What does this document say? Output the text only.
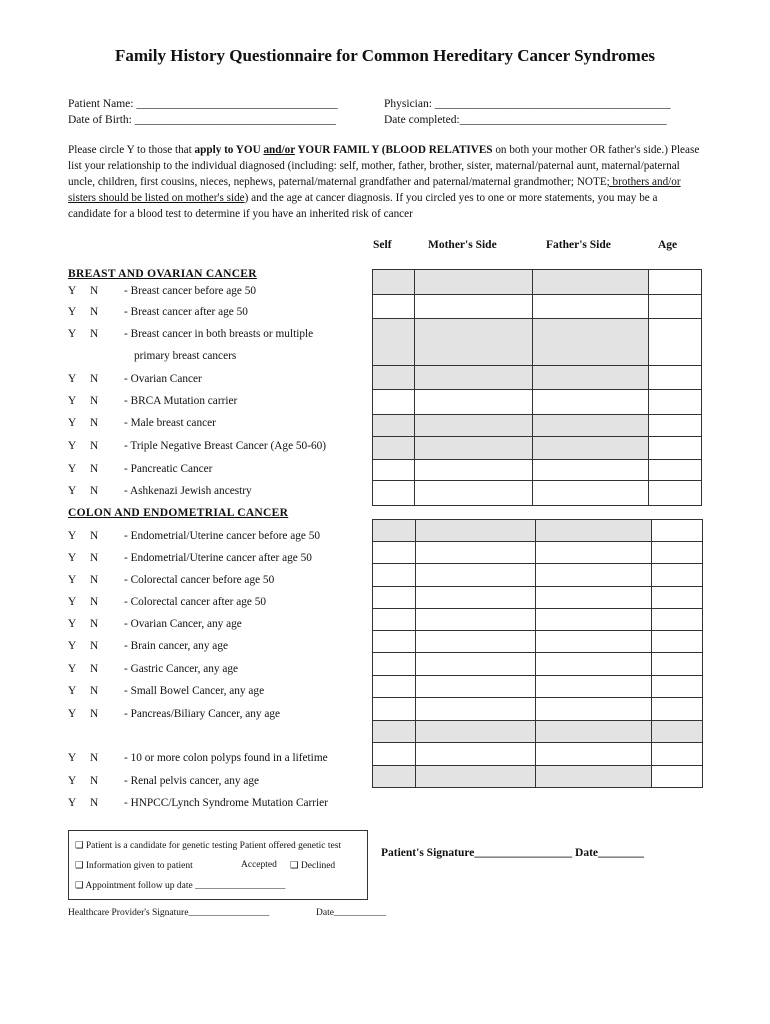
Family History Questionnaire for Common Hereditary Cancer Syndromes
Patient Name: ___________________________________	Physician: _________________________________________
Date of Birth: ___________________________________	Date completed:____________________________________
Please circle Y to those that apply to YOU and/or YOUR FAMIL Y (BLOOD RELATIVES on both your mother OR father's side.) Please list your relationship to the individual diagnosed (including: self, mother, father, brother, sister, maternal/paternal aunt, maternal/paternal uncle, children, first cousins, nieces, nephews, paternal/maternal grandfather and paternal/maternal grandmother; NOTE; brothers and/or sisters should be listed on mother's side) and the age at cancer diagnosis. If you circled yes to one or more statements, you may be a candidate for a blood test to determine if you have an inherited risk of cancer
Self	Mother's Side	Father's Side	Age
BREAST AND OVARIAN CANCER
Y N - Breast cancer before age 50
Y N - Breast cancer after age 50
Y N - Breast cancer in both breasts or multiple
primary breast cancers
Y N - Ovarian Cancer
Y N - BRCA Mutation carrier
Y N - Male breast cancer
Y N - Triple Negative Breast Cancer (Age 50-60)
Y N - Pancreatic Cancer
Y N - Ashkenazi Jewish ancestry

COLON AND ENDOMETRIAL CANCER
Y N - Endometrial/Uterine cancer before age 50
Y N - Endometrial/Uterine cancer after age 50
Y N - Colorectal cancer before age 50
Y N - Colorectal cancer after age 50
Y N - Ovarian Cancer, any age
Y N - Brain cancer, any age
Y N - Gastric Cancer, any age
Y N - Small Bowel Cancer, any age
Y N - Pancreas/Biliary Cancer, any age
Y N - 10 or more colon polyps found in a lifetime
Y N - Renal pelvis cancer, any age
Y N - HNPCC/Lynch Syndrome Mutation Carrier

❑ Patient is a candidate for genetic testing Patient offered genetic test
❑ Information given to patient	Accepted ❑ Declined
❑ Appointment follow up date ___________________
Patient's Signature_________________ Date________
Healthcare Provider's Signature_________________	Date___________
